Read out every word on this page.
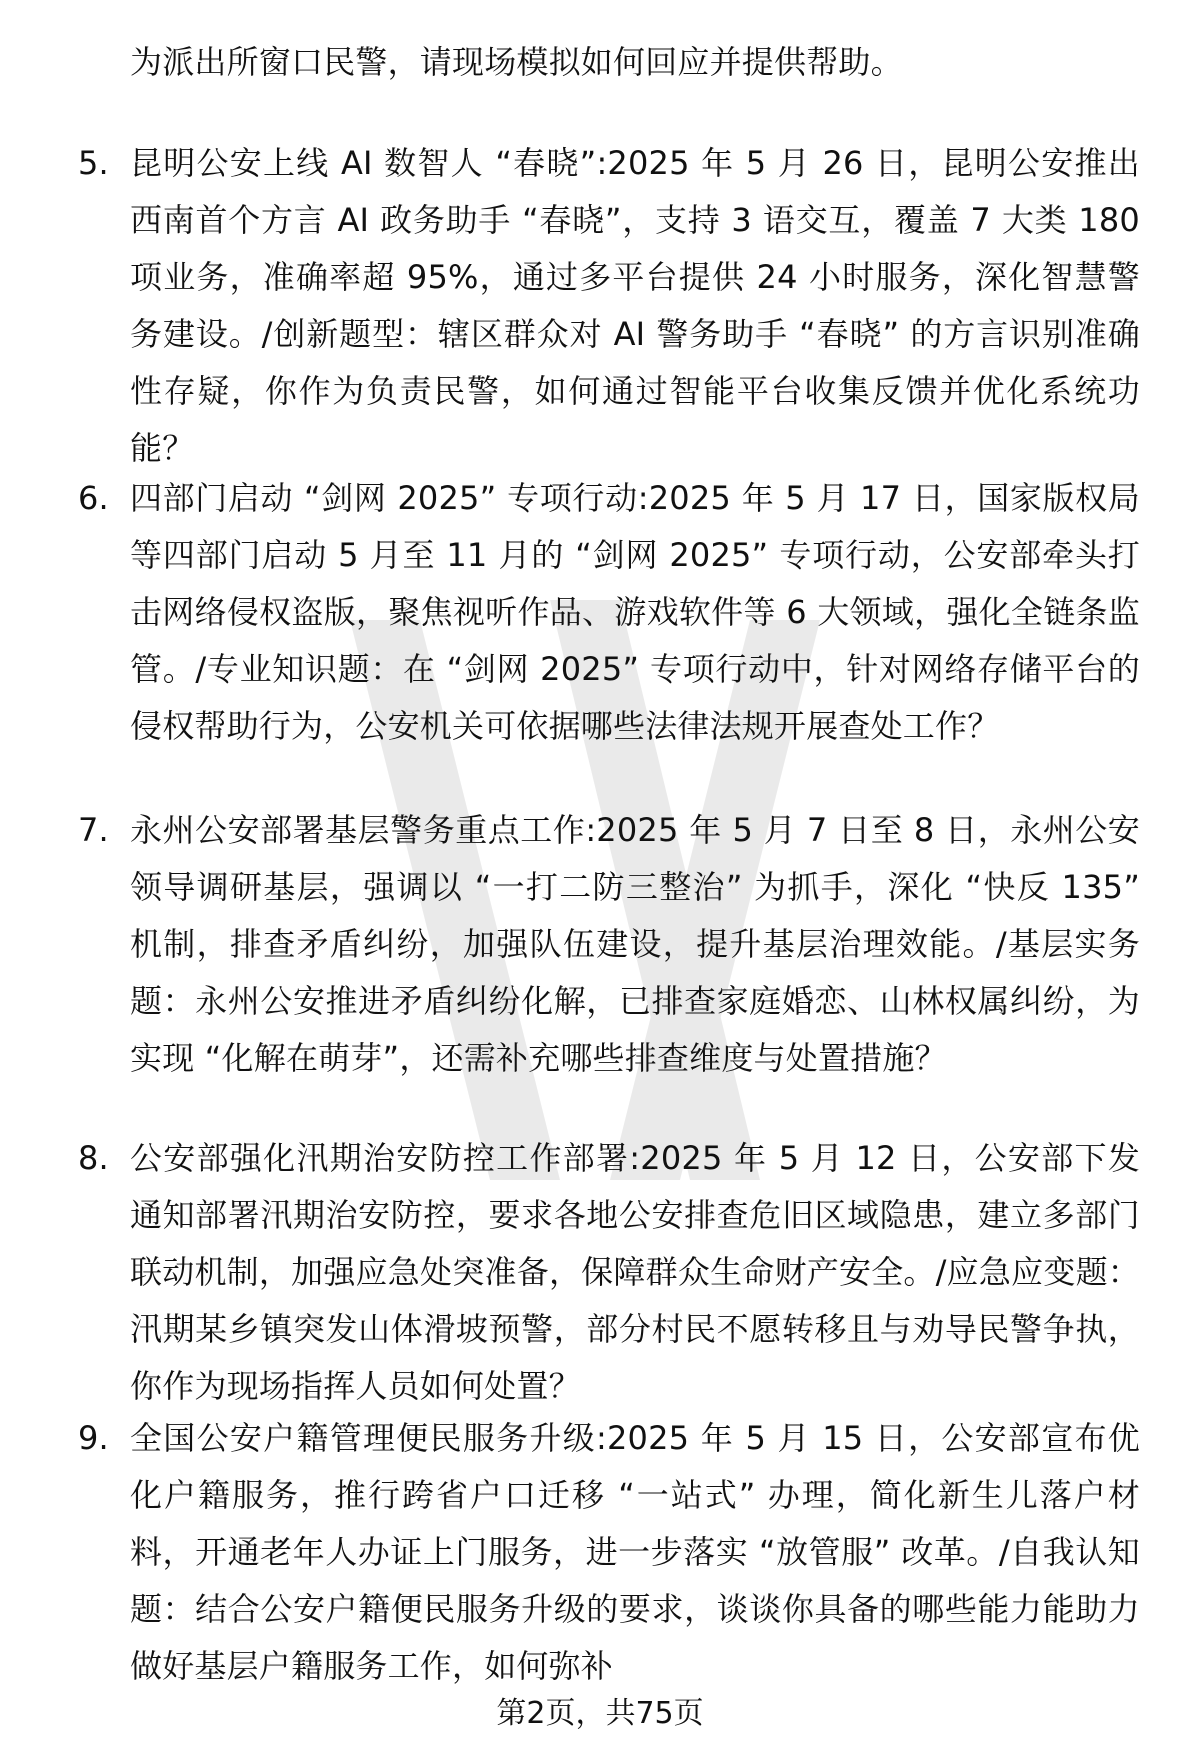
为派出所窗口民警，请现场模拟如何回应并提供帮助。
5. 昆明公安上线 AI 数智人 “春晓”:2025 年 5 月 26 日，昆明公安推出西南首个方言 AI 政务助手 “春晓”，支持 3 语交互，覆盖 7 大类 180 项业务，准确率超 95%，通过多平台提供 24 小时服务，深化智慧警务建设。/创新题型：辖区群众对 AI 警务助手 “春晓” 的方言识别准确性存疑，你作为负责民警，如何通过智能平台收集反馈并优化系统功能？
6. 四部门启动 “剑网 2025” 专项行动:2025 年 5 月 17 日，国家版权局等四部门启动 5 月至 11 月的 “剑网 2025” 专项行动，公安部牵头打击网络侵权盗版，聚焦视听作品、游戏软件等 6 大领域，强化全链条监管。/专业知识题：在 “剑网 2025” 专项行动中，针对网络存储平台的侵权帮助行为，公安机关可依据哪些法律法规开展查处工作？
7. 永州公安部署基层警务重点工作:2025 年 5 月 7 日至 8 日，永州公安领导调研基层，强调以 “一打二防三整治” 为抓手，深化 “快反 135” 机制，排查矛盾纠纷，加强队伍建设，提升基层治理效能。/基层实务题：永州公安推进矛盾纠纷化解，已排查家庭婚恋、山林权属纠纷，为实现 “化解在萌芽”，还需补充哪些排查维度与处置措施？
8. 公安部强化汛期治安防控工作部署:2025 年 5 月 12 日，公安部下发通知部署汛期治安防控，要求各地公安排查危旧区域隐患，建立多部门联动机制，加强应急处突准备，保障群众生命财产安全。/应急应变题：汛期某乡镇突发山体滑坡预警，部分村民不愿转移且与劝导民警争执，你作为现场指挥人员如何处置？
9. 全国公安户籍管理便民服务升级:2025 年 5 月 15 日，公安部宣布优化户籍服务，推行跨省户口迁移 “一站式” 办理，简化新生儿落户材料，开通老年人办证上门服务，进一步落实 “放管服” 改革。/自我认知题：结合公安户籍便民服务升级的要求，谈谈你具备的哪些能力能助力做好基层户籍服务工作，如何弥补
第2页，共75页
